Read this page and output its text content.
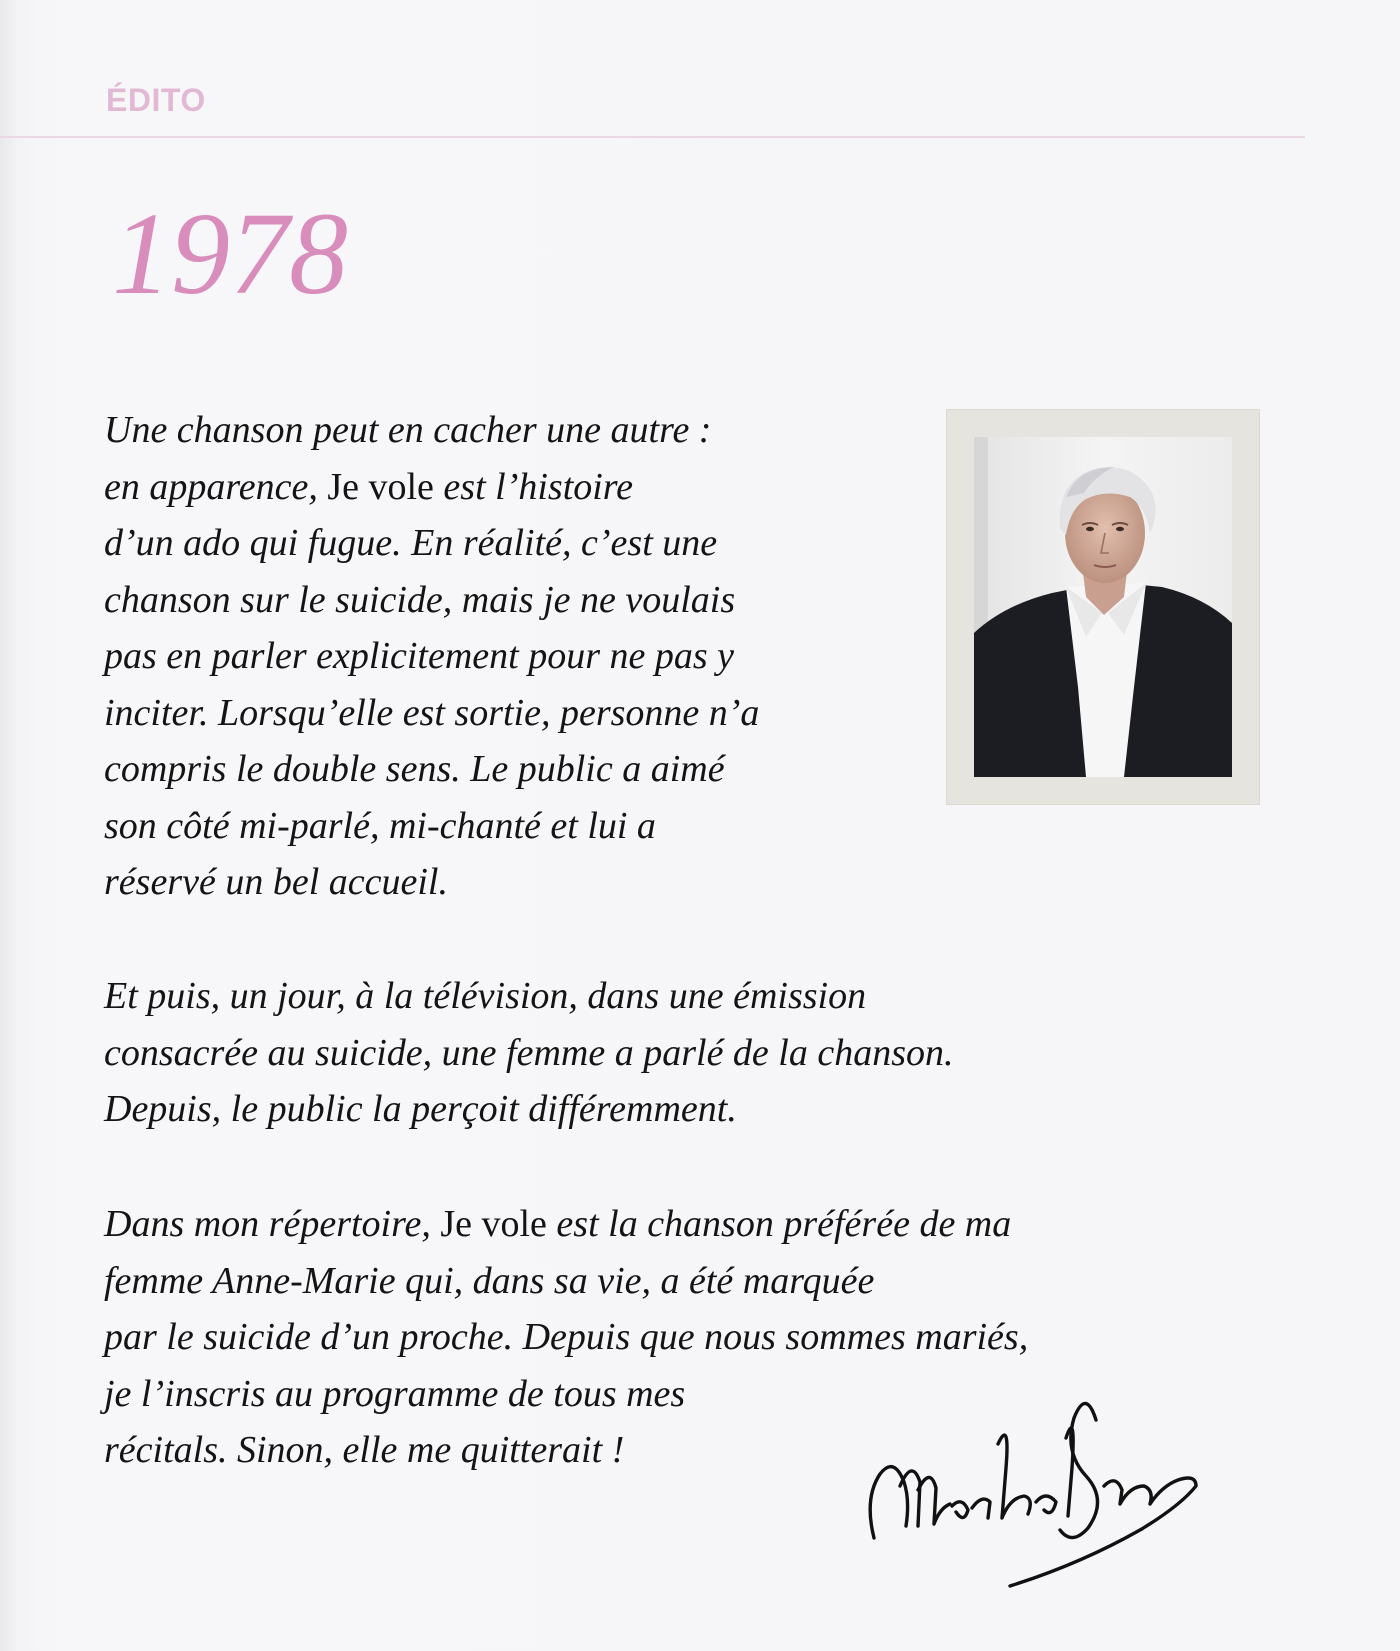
ÉDITO
1978
Une chanson peut en cacher une autre :
en apparence, Je vole est l’histoire
d’un ado qui fugue. En réalité, c’est une
chanson sur le suicide, mais je ne voulais
pas en parler explicitement pour ne pas y
inciter. Lorsqu’elle est sortie, personne n’a
compris le double sens. Le public a aimé
son côté mi-parlé, mi-chanté et lui a
réservé un bel accueil.
Et puis, un jour, à la télévision, dans une émission
consacrée au suicide, une femme a parlé de la chanson.
Depuis, le public la perçoit différemment.
Dans mon répertoire, Je vole est la chanson préférée de ma
femme Anne-Marie qui, dans sa vie, a été marquée
par le suicide d’un proche. Depuis que nous sommes mariés,
je l’inscris au programme de tous mes
récitals. Sinon, elle me quitterait !
